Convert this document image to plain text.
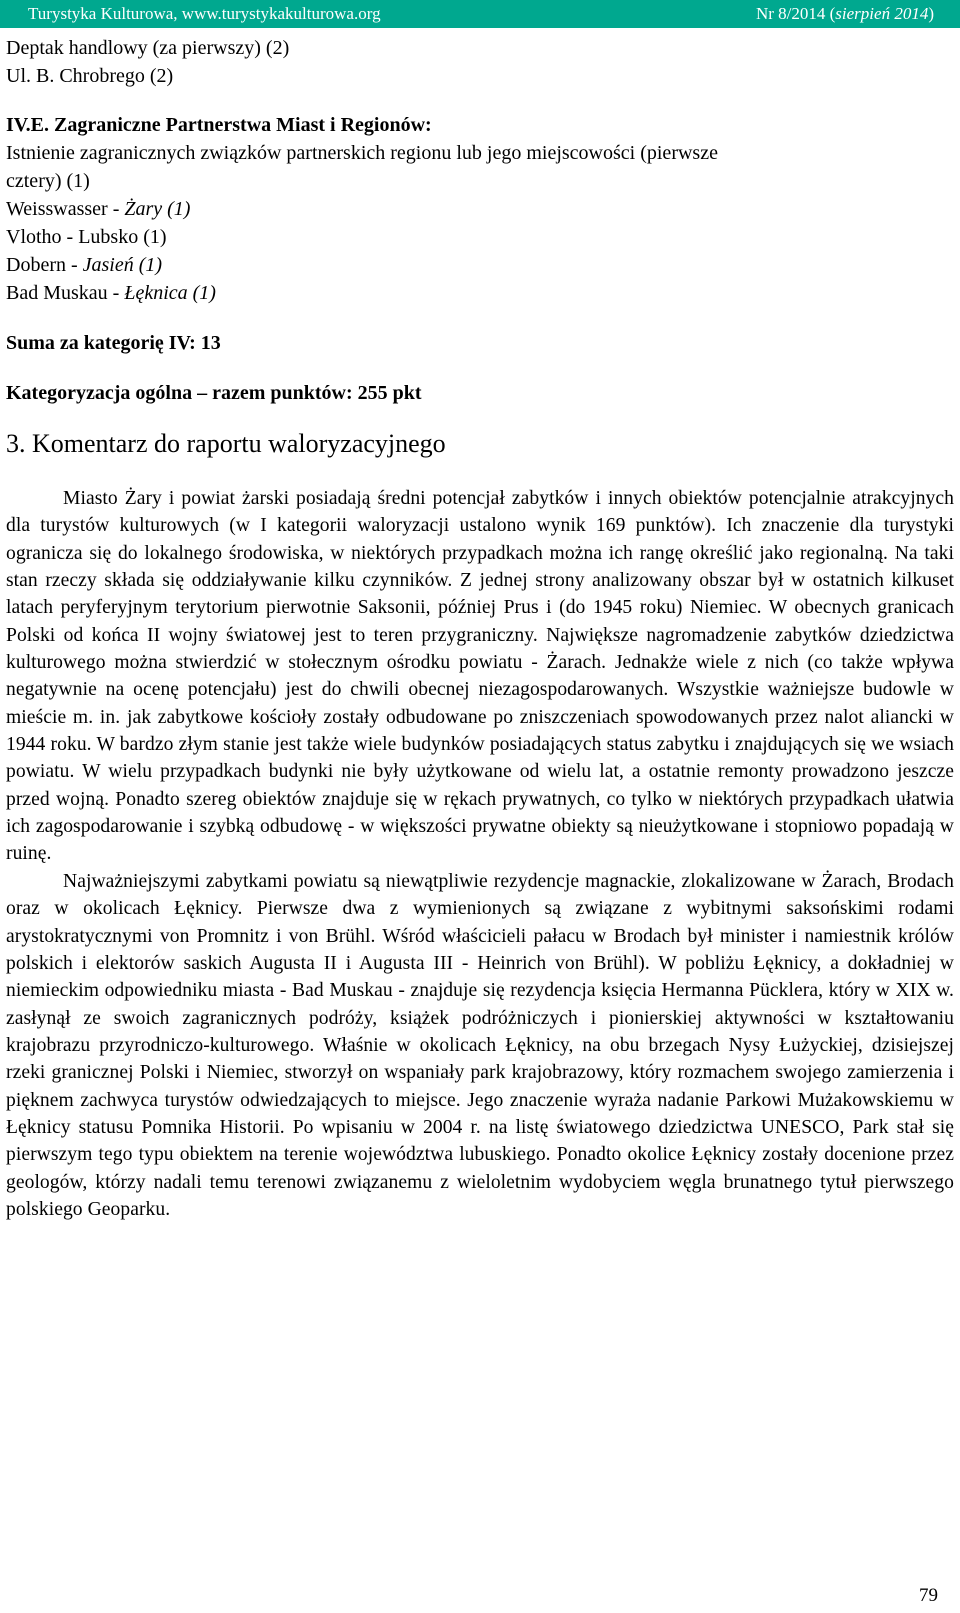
Turystyka Kulturowa, www.turystykakulturowa.org	Nr 8/2014 (sierpień 2014)
Deptak handlowy (za pierwszy) (2)
Ul. B. Chrobrego (2)
IV.E. Zagraniczne Partnerstwa Miast i Regionów:
Istnienie zagranicznych związków partnerskich regionu lub jego miejscowości (pierwsze
cztery) (1)
Weisswasser - Żary (1)
Vlotho - Lubsko (1)
Dobern - Jasień (1)
Bad Muskau - Łęknica (1)
Suma za kategorię IV: 13
Kategoryzacja ogólna – razem punktów: 255 pkt
3. Komentarz do raportu waloryzacyjnego

Miasto Żary i powiat żarski posiadają średni potencjał zabytków i innych obiektów potencjalnie atrakcyjnych dla turystów kulturowych (w I kategorii waloryzacji ustalono wynik 169 punktów). Ich znaczenie dla turystyki ogranicza się do lokalnego środowiska, w niektórych przypadkach można ich rangę określić jako regionalną. Na taki stan rzeczy składa się oddziaływanie kilku czynników. Z jednej strony analizowany obszar był w ostatnich kilkuset latach peryferyjnym terytorium pierwotnie Saksonii, później Prus i (do 1945 roku) Niemiec. W obecnych granicach Polski od końca II wojny światowej jest to teren przygraniczny. Największe nagromadzenie zabytków dziedzictwa kulturowego można stwierdzić w stołecznym ośrodku powiatu - Żarach. Jednakże wiele z nich (co także wpływa negatywnie na ocenę potencjału) jest do chwili obecnej niezagospodarowanych. Wszystkie ważniejsze budowle w mieście m. in. jak zabytkowe kościoły zostały odbudowane po zniszczeniach spowodowanych przez nalot aliancki w 1944 roku. W bardzo złym stanie jest także wiele budynków posiadających status zabytku i znajdujących się we wsiach powiatu. W wielu przypadkach budynki nie były użytkowane od wielu lat, a ostatnie remonty prowadzono jeszcze przed wojną. Ponadto szereg obiektów znajduje się w rękach prywatnych, co tylko w niektórych przypadkach ułatwia ich zagospodarowanie i szybką odbudowę - w większości prywatne obiekty są nieużytkowane i stopniowo popadają w ruinę.

Najważniejszymi zabytkami powiatu są niewątpliwie rezydencje magnackie, zlokalizowane w Żarach, Brodach oraz w okolicach Łęknicy. Pierwsze dwa z wymienionych są związane z wybitnymi saksońskimi rodami arystokratycznymi von Promnitz i von Brühl. Wśród właścicieli pałacu w Brodach był minister i namiestnik królów polskich i elektorów saskich Augusta II i Augusta III - Heinrich von Brühl). W pobliżu Łęknicy, a dokładniej w niemieckim odpowiedniku miasta - Bad Muskau - znajduje się rezydencja księcia Hermanna Pücklera, który w XIX w. zasłynął ze swoich zagranicznych podróży, książek podróżniczych i pionierskiej aktywności w kształtowaniu krajobrazu przyrodniczo-kulturowego. Właśnie w okolicach Łęknicy, na obu brzegach Nysy Łużyckiej, dzisiejszej rzeki granicznej Polski i Niemiec, stworzył on wspaniały park krajobrazowy, który rozmachem swojego zamierzenia i pięknem zachwyca turystów odwiedzających to miejsce. Jego znaczenie wyraża nadanie Parkowi Mużakowskiemu w Łęknicy statusu Pomnika Historii. Po wpisaniu w 2004 r. na listę światowego dziedzictwa UNESCO, Park stał się pierwszym tego typu obiektem na terenie województwa lubuskiego. Ponadto okolice Łęknicy zostały docenione przez geologów, którzy nadali temu terenowi związanemu z wieloletnim wydobyciem węgla brunatnego tytuł pierwszego polskiego Geoparku.

79
